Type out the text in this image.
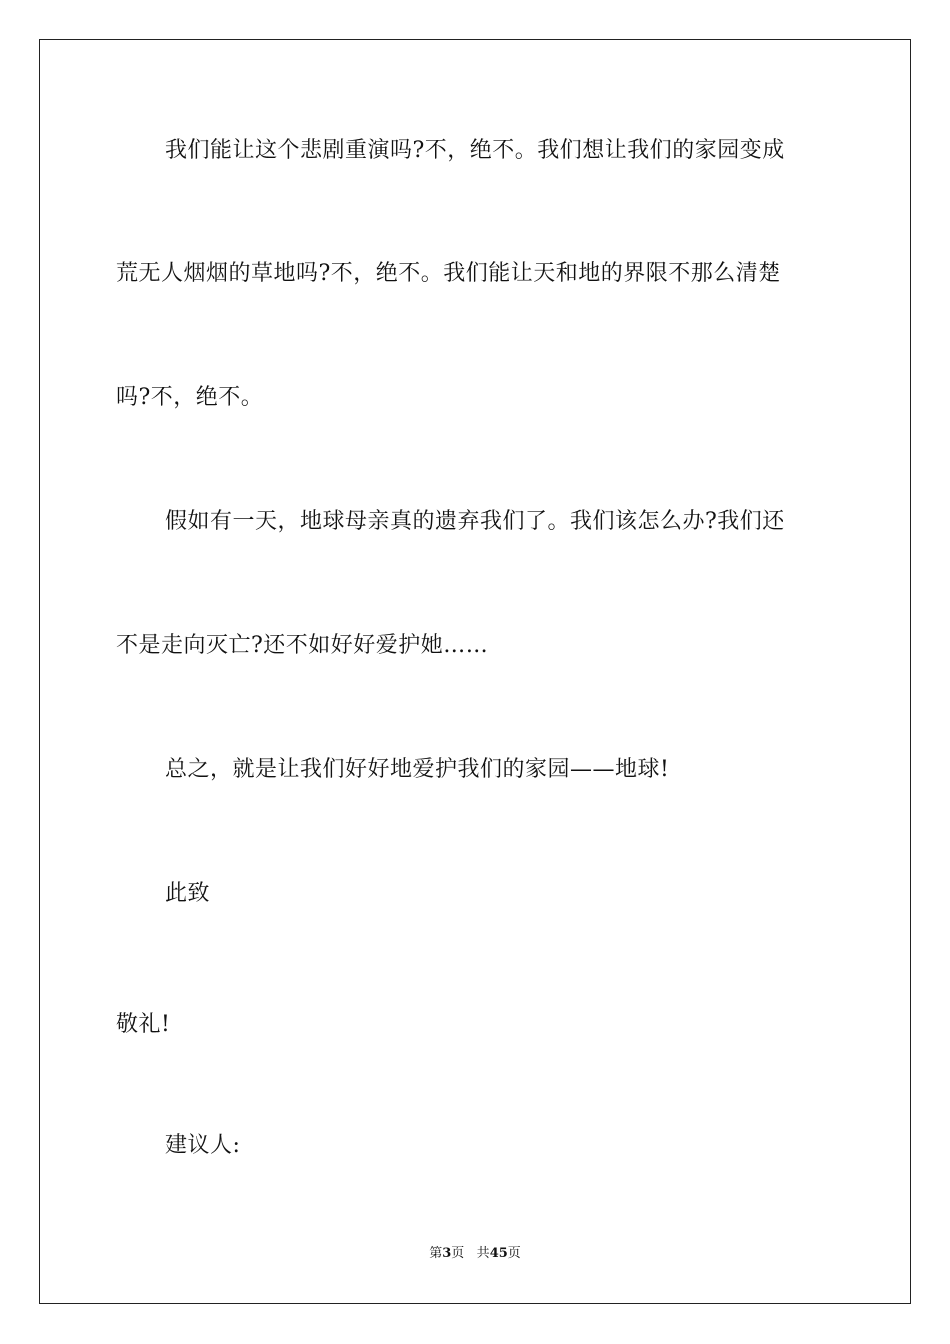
我们能让这个悲剧重演吗?不，绝不。我们想让我们的家园变成
荒无人烟烟的草地吗?不，绝不。我们能让天和地的界限不那么清楚
吗?不，绝不。
假如有一天，地球母亲真的遗弃我们了。我们该怎么办?我们还
不是走向灭亡?还不如好好爱护她……
总之，就是让我们好好地爱护我们的家园——地球!
此致
敬礼!
建议人:
第3页 共45页
